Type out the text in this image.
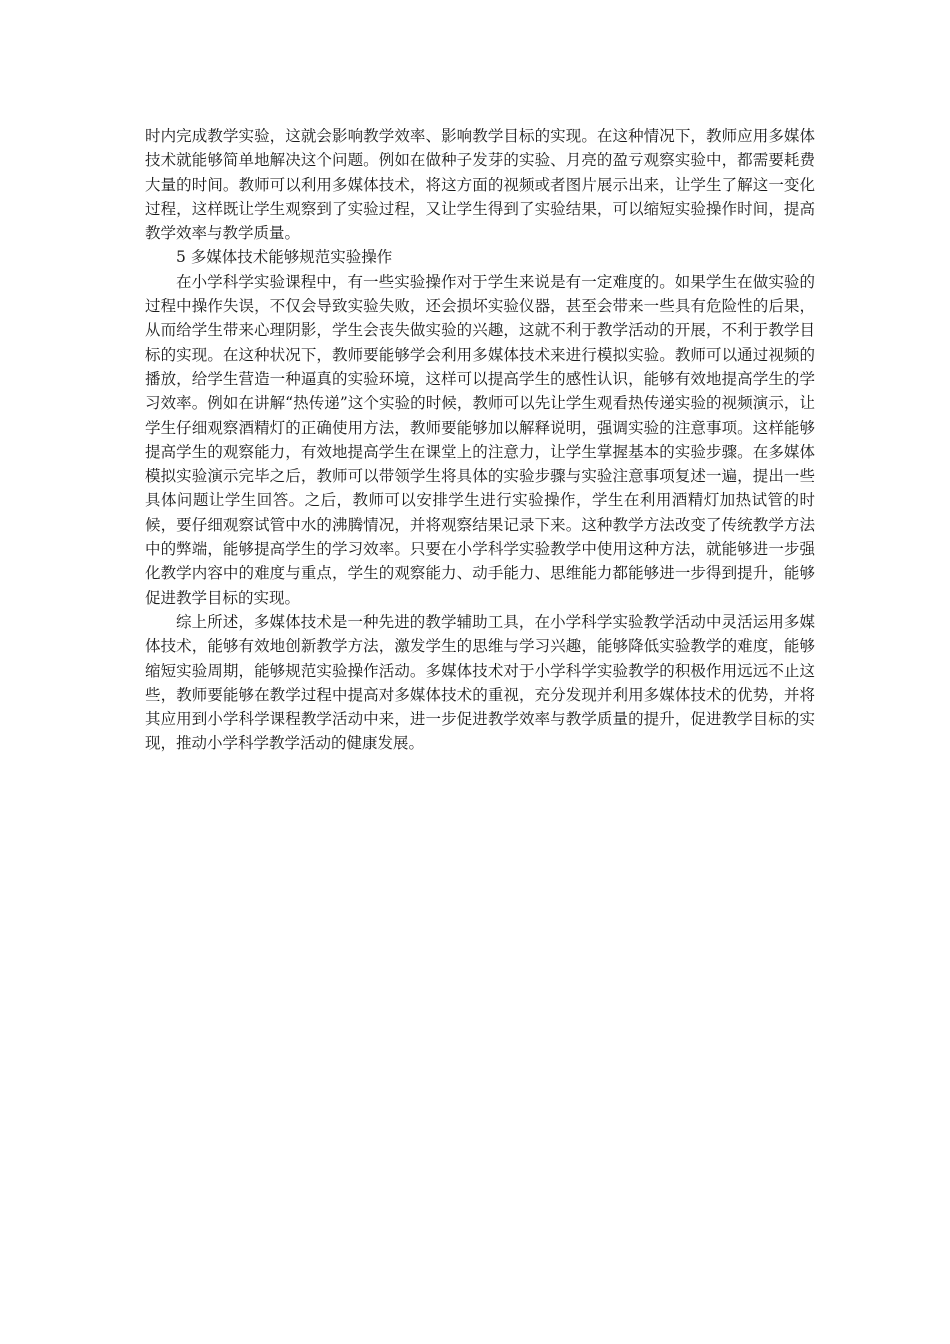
时内完成教学实验，这就会影响教学效率、影响教学目标的实现。在这种情况下，教师应用多媒体技术就能够简单地解决这个问题。例如在做种子发芽的实验、月亮的盈亏观察实验中，都需要耗费大量的时间。教师可以利用多媒体技术，将这方面的视频或者图片展示出来，让学生了解这一变化过程，这样既让学生观察到了实验过程，又让学生得到了实验结果，可以缩短实验操作时间，提高教学效率与教学质量。

5 多媒体技术能够规范实验操作

在小学科学实验课程中，有一些实验操作对于学生来说是有一定难度的。如果学生在做实验的过程中操作失误，不仅会导致实验失败，还会损坏实验仪器，甚至会带来一些具有危险性的后果，从而给学生带来心理阴影，学生会丧失做实验的兴趣，这就不利于教学活动的开展，不利于教学目标的实现。在这种状况下，教师要能够学会利用多媒体技术来进行模拟实验。教师可以通过视频的播放，给学生营造一种逼真的实验环境，这样可以提高学生的感性认识，能够有效地提高学生的学习效率。例如在讲解“热传递”这个实验的时候，教师可以先让学生观看热传递实验的视频演示，让学生仔细观察酒精灯的正确使用方法，教师要能够加以解释说明，强调实验的注意事项。这样能够提高学生的观察能力，有效地提高学生在课堂上的注意力，让学生掌握基本的实验步骤。在多媒体模拟实验演示完毕之后，教师可以带领学生将具体的实验步骤与实验注意事项复述一遍，提出一些具体问题让学生回答。之后，教师可以安排学生进行实验操作，学生在利用酒精灯加热试管的时候，要仔细观察试管中水的沸腾情况，并将观察结果记录下来。这种教学方法改变了传统教学方法中的弊端，能够提高学生的学习效率。只要在小学科学实验教学中使用这种方法，就能够进一步强化教学内容中的难度与重点，学生的观察能力、动手能力、思维能力都能够进一步得到提升，能够促进教学目标的实现。

综上所述，多媒体技术是一种先进的教学辅助工具，在小学科学实验教学活动中灵活运用多媒体技术，能够有效地创新教学方法，激发学生的思维与学习兴趣，能够降低实验教学的难度，能够缩短实验周期，能够规范实验操作活动。多媒体技术对于小学科学实验教学的积极作用远远不止这些，教师要能够在教学过程中提高对多媒体技术的重视，充分发现并利用多媒体技术的优势，并将其应用到小学科学课程教学活动中来，进一步促进教学效率与教学质量的提升，促进教学目标的实现，推动小学科学教学活动的健康发展。
